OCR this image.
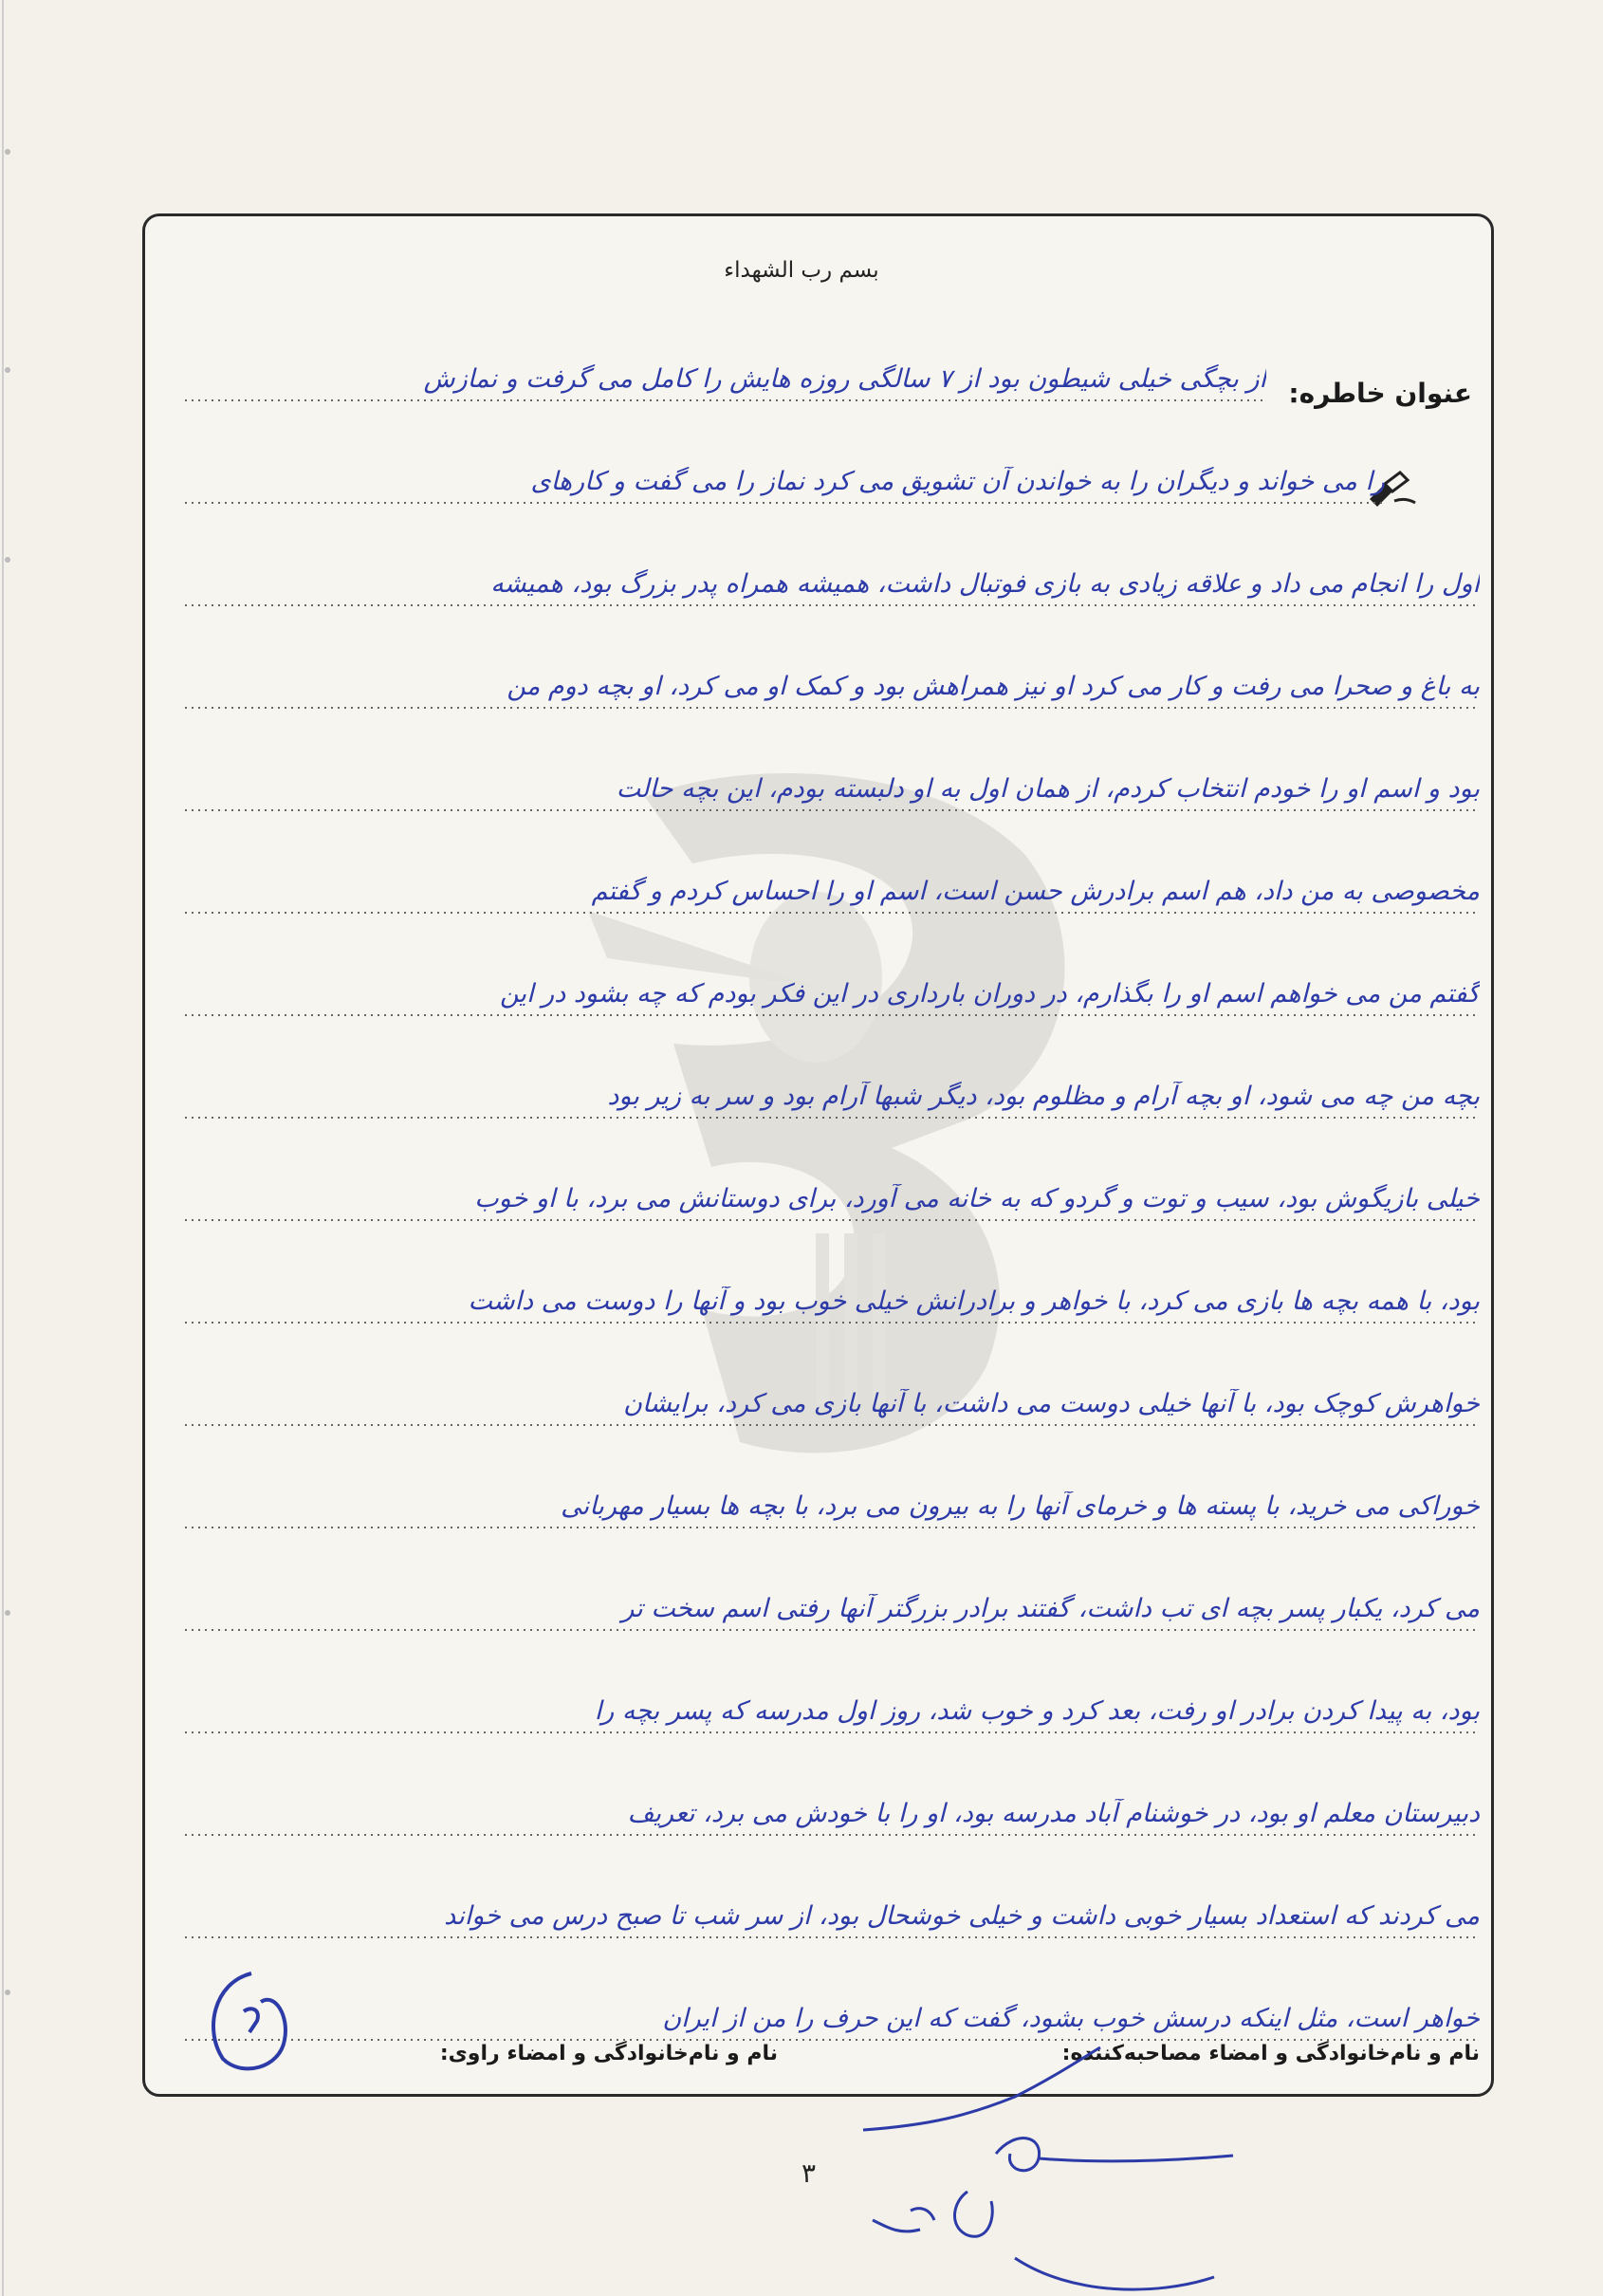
بسم رب الشهداء
عنوان خاطره:
از بچگی خیلی شیطون بود از ۷ سالگی روزه هایش را کامل می گرفت و نمازش
را می خواند و دیگران را به خواندن آن تشویق می کرد نماز را می گفت و کارهای
اول را انجام می داد و علاقه زیادی به بازی فوتبال داشت، همیشه همراه پدر بزرگ بود، همیشه
به باغ و صحرا می رفت و کار می کرد او نیز همراهش بود و کمک او می کرد، او بچه دوم من
بود و اسم او را خودم انتخاب کردم، از همان اول به او دلبسته بودم، این بچه حالت
مخصوصی به من داد، هم اسم برادرش حسن است، اسم او را احساس کردم و گفتم
گفتم من می خواهم اسم او را بگذارم، در دوران بارداری در این فکر بودم که چه بشود در این
بچه من چه می شود، او بچه آرام و مظلوم بود، دیگر شبها آرام بود و سر به زیر بود
خیلی بازیگوش بود، سیب و توت و گردو که به خانه می آورد، برای دوستانش می برد، با او خوب
بود، با همه بچه ها بازی می کرد، با خواهر و برادرانش خیلی خوب بود و آنها را دوست می داشت
خواهرش کوچک بود، با آنها خیلی دوست می داشت، با آنها بازی می کرد، برایشان
خوراکی می خرید، با پسته ها و خرمای آنها را به بیرون می برد، با بچه ها بسیار مهربانی
می کرد، یکبار پسر بچه ای تب داشت، گفتند برادر بزرگتر آنها رفتی اسم سخت تر
بود، به پیدا کردن برادر او رفت، بعد کرد و خوب شد، روز اول مدرسه که پسر بچه را
دبیرستان معلم او بود، در خوشنام آباد مدرسه بود، او را با خودش می برد، تعریف
می کردند که استعداد بسیار خوبی داشت و خیلی خوشحال بود، از سر شب تا صبح درس می خواند
خواهر است، مثل اینکه درسش خوب بشود، گفت که این حرف را من از ایران
نام و نام‌خانوادگی و امضاء مصاحبه‌کننده:
نام و نام‌خانوادگی و امضاء راوی:
۳
